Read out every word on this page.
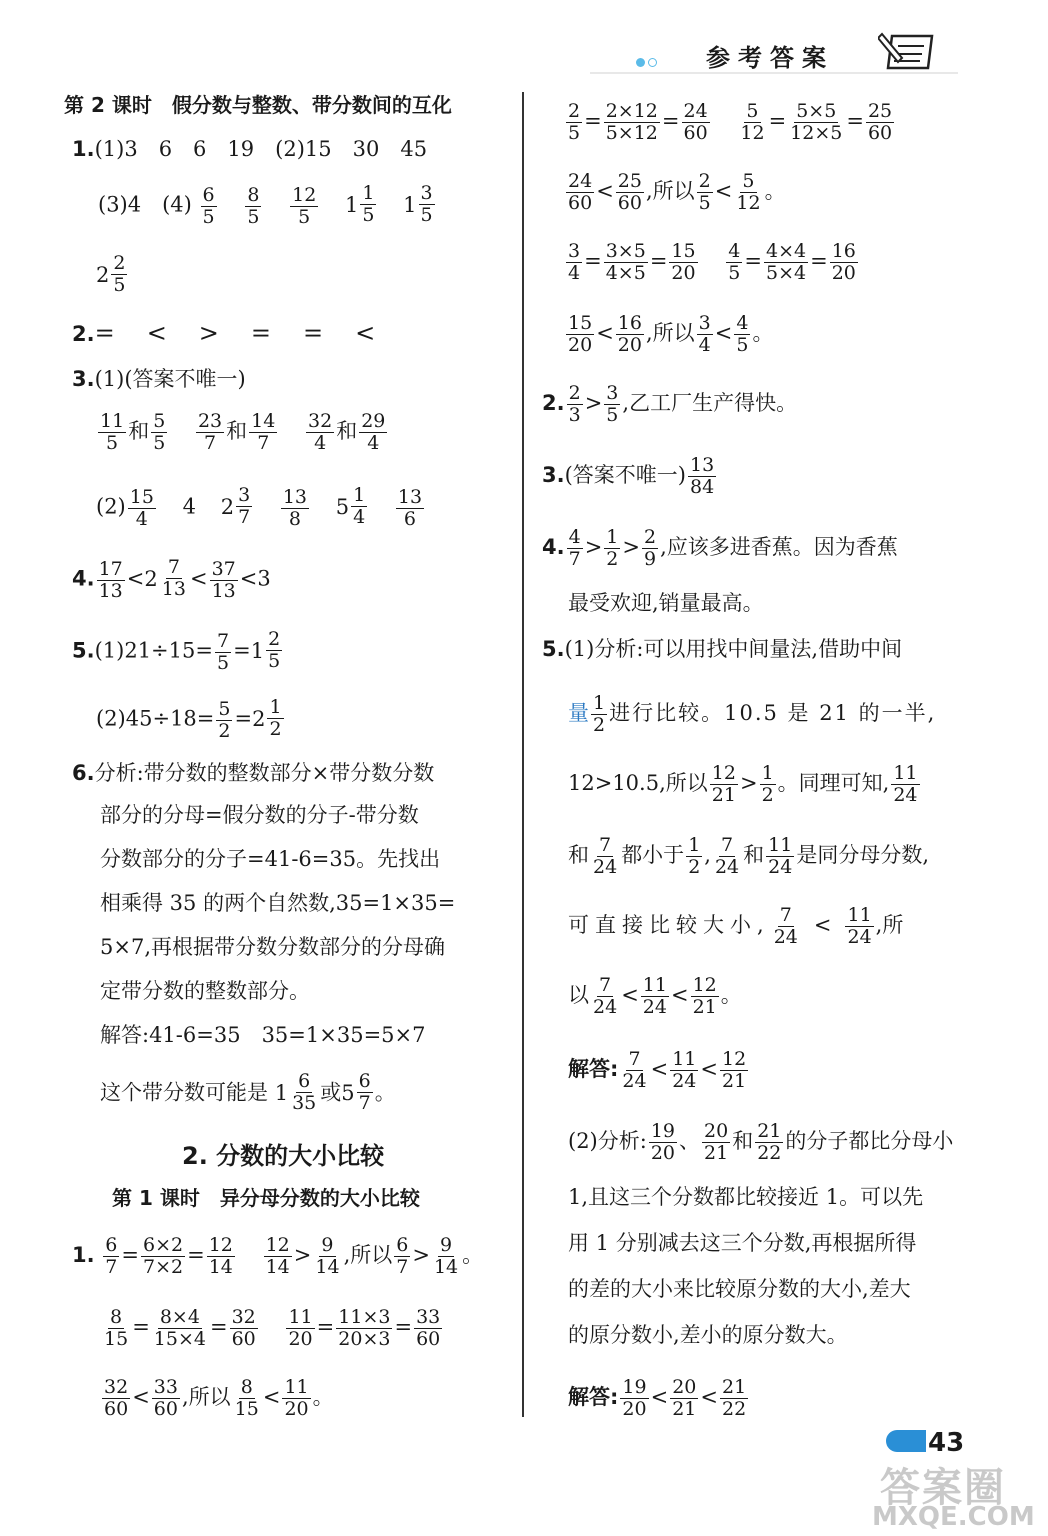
参考答案
第 2 课时　假分数与整数、带分数间的互化
1.(1)3　6　6　19　(2)15　30　45
(3)4　$(4) \frac{6}{5}$
$\frac{8}{5}$
$\frac{12}{5}$
$1 \frac{1}{5}$
$1 \frac{3}{5}$
$2 \frac{2}{5}$
2.=　<　>　=　=　<
3.(1)(答案不唯一)
$\frac{11}{5}$ 和 $\frac{5}{5}$
$\frac{23}{7}$ 和 $\frac{14}{7}$
$\frac{32}{4}$ 和 $\frac{29}{4}$
$(2) \frac{15}{4} 4$ $2 \frac{3}{7}$
$\frac{13}{8}$
$5 \frac{1}{4}$
$\frac{13}{6}$
4. $\frac{17}{13} < 2 \frac{7}{13} < \frac{37}{13} <3$
$5.(1)21\div 15= \frac{7}{5} = 1 \frac{2}{5}$
$(2)45\div 18= \frac{5}{2} = 2 \frac{1}{2}$
6.分析:带分数的整数部分×带分数分数
部分的分母=假分数的分子-带分数
分数部分的分子=41-6=35。先找出
相乘得 35 的两个自然数,35=1×35=
5×7,再根据带分数分数部分的分母确
定带分数的整数部分。
解答:41-6=35　35=1×35=5×7
这个带分数可能是 $1 \frac{6}{35}$ 或 $5 \frac{6}{7}$ 。
2. 分数的大小比较
第 1 课时　异分母分数的大小比较
1. $\frac{6}{7} = \frac{6\times 2}{7\times 2} = \frac{12}{14}$
$\frac{12}{14} > \frac{9}{14}$ ,所以 $\frac{6}{7} > \frac{9}{14}$ 。
$\frac{8}{15} = \frac{8\times 4}{15\times 4} = \frac{32}{60}$
$\frac{11}{20} = \frac{11\times 3}{20\times 3} = \frac{33}{60}$
$\frac{32}{60} < \frac{33}{60}$ ,所以 $\frac{8}{15} < \frac{11}{20}$ 。
$\frac{2}{5} = \frac{2\times 12}{5\times 12} = \frac{24}{60}$
$\frac{5}{12} = \frac{5\times 5}{12\times 5} = \frac{25}{60}$
$\frac{24}{60} < \frac{25}{60}$ ,所以 $\frac{2}{5} < \frac{5}{12}$ 。
$\frac{3}{4} = \frac{3\times 5}{4\times 5} = \frac{15}{20}$
$\frac{4}{5} = \frac{4\times 4}{5\times 4} = \frac{16}{20}$
$\frac{15}{20} < \frac{16}{20}$ ,所以 $\frac{3}{4} < \frac{4}{5}$ 。
2. $\frac{2}{3} > \frac{3}{5}$ ,乙工厂生产得快。
3.(答案不唯一) $\frac{13}{84}$
4. $\frac{4}{7} > \frac{1}{2} > \frac{2}{9}$ ,应该多进香蕉。因为香蕉
最受欢迎,销量最高。
5.(1)分析:可以用找中间量法,借助中间
量 $\frac{1}{2}$ 进行比较。10.5 是 21 的一半,
12>10.5,所以 $\frac{12}{21} > \frac{1}{2}$ 。同理可知, $\frac{11}{24}$
和 $\frac{7}{24}$ 都小于 $\frac{1}{2}$ , $\frac{7}{24}$ 和 $\frac{11}{24}$ 是同分母分数,
可直接比较大小, $\frac{7}{24} < \frac{11}{24}$ ,所
以 $\frac{7}{24} < \frac{11}{24} < \frac{12}{21}$ 。
解答: $\frac{7}{24} < \frac{11}{24} < \frac{12}{21}$
(2)分析: $\frac{19}{20}$ 、 $\frac{20}{21}$ 和 $\frac{21}{22}$ 的分子都比分母小
1,且这三个分数都比较接近 1。可以先
用 1 分别减去这三个分数,再根据所得
的差的大小来比较原分数的大小,差大
的原分数小,差小的原分数大。
解答: $\frac{19}{20} < \frac{20}{21} < \frac{21}{22}$
43
答案圈
MXQE.COM
